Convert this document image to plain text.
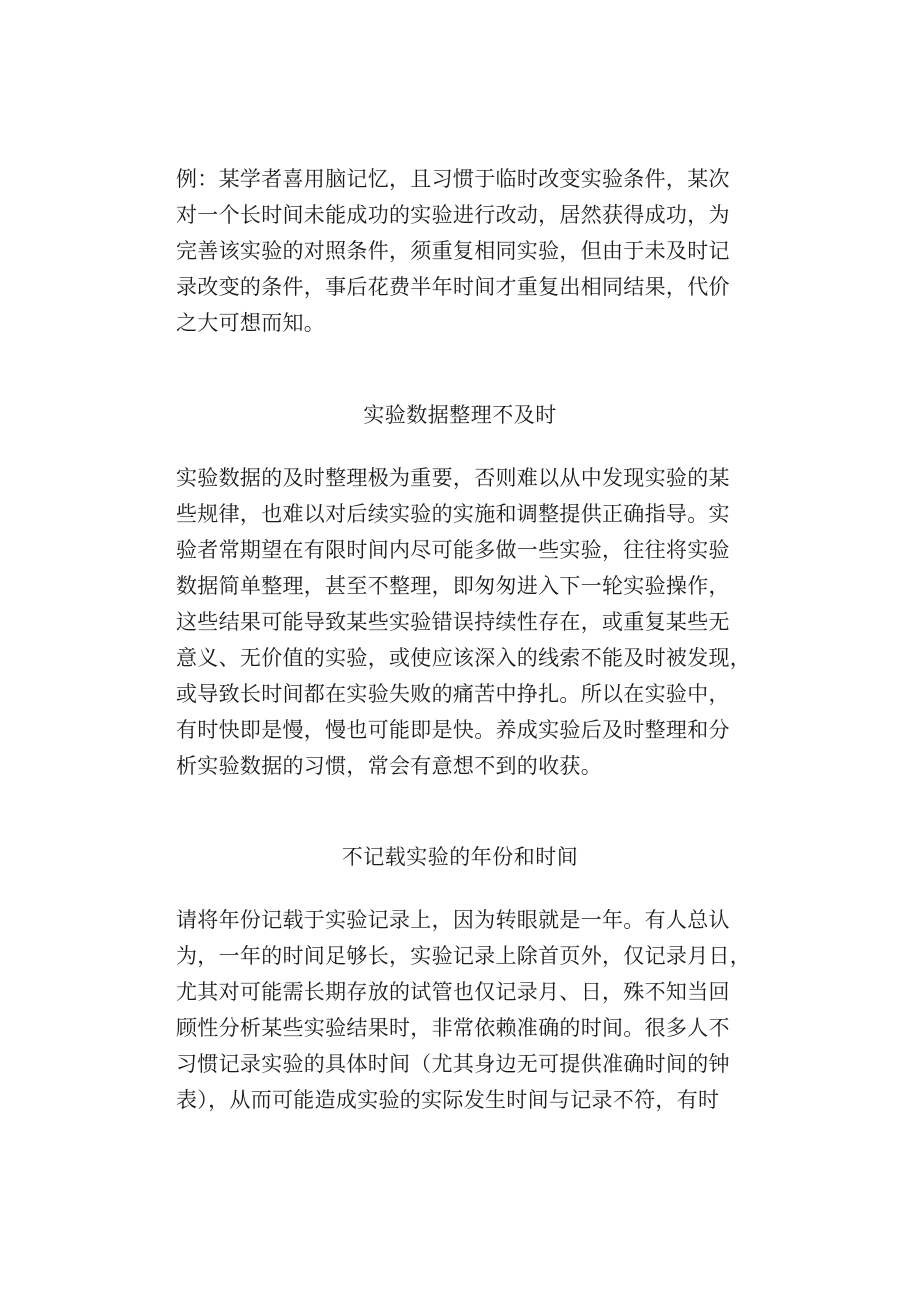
例：某学者喜用脑记忆，且习惯于临时改变实验条件，某次
对一个长时间未能成功的实验进行改动，居然获得成功，为
完善该实验的对照条件，须重复相同实验，但由于未及时记
录改变的条件，事后花费半年时间才重复出相同结果，代价
之大可想而知。
实验数据整理不及时
实验数据的及时整理极为重要，否则难以从中发现实验的某
些规律，也难以对后续实验的实施和调整提供正确指导。实
验者常期望在有限时间内尽可能多做一些实验，往往将实验
数据简单整理，甚至不整理，即匆匆进入下一轮实验操作，
这些结果可能导致某些实验错误持续性存在，或重复某些无
意义、无价值的实验，或使应该深入的线索不能及时被发现，
或导致长时间都在实验失败的痛苦中挣扎。所以在实验中，
有时快即是慢，慢也可能即是快。养成实验后及时整理和分
析实验数据的习惯，常会有意想不到的收获。
不记载实验的年份和时间
请将年份记载于实验记录上，因为转眼就是一年。有人总认
为，一年的时间足够长，实验记录上除首页外，仅记录月日，
尤其对可能需长期存放的试管也仅记录月、日，殊不知当回
顾性分析某些实验结果时，非常依赖准确的时间。很多人不
习惯记录实验的具体时间（尤其身边无可提供准确时间的钟
表），从而可能造成实验的实际发生时间与记录不符，有时
